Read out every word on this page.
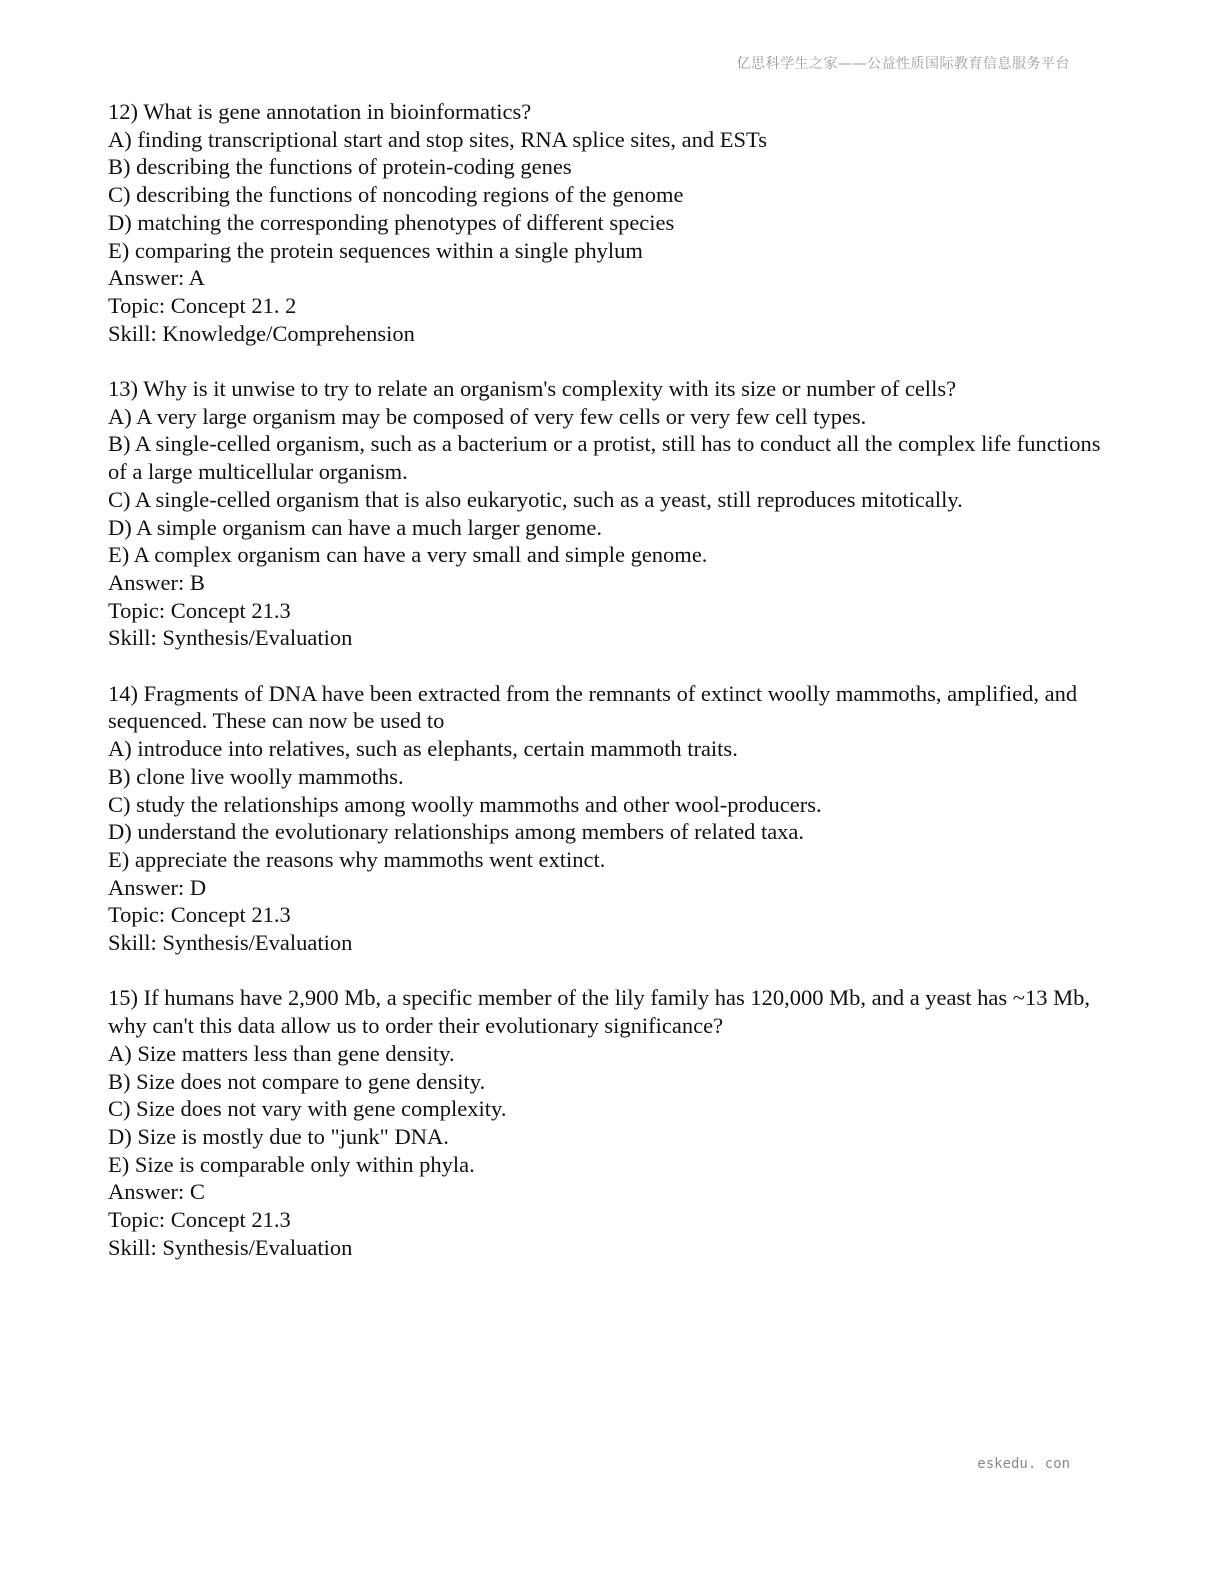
亿思科学生之家——公益性质国际教育信息服务平台
12) What is gene annotation in bioinformatics?
A) finding transcriptional start and stop sites, RNA splice sites, and ESTs
B) describing the functions of protein-coding genes
C) describing the functions of noncoding regions of the genome
D) matching the corresponding phenotypes of different species
E) comparing the protein sequences within a single phylum
Answer: A
Topic: Concept 21. 2
Skill: Knowledge/Comprehension
13) Why is it unwise to try to relate an organism's complexity with its size or number of cells?
A) A very large organism may be composed of very few cells or very few cell types.
B) A single-celled organism, such as a bacterium or a protist, still has to conduct all the complex life functions of a large multicellular organism.
C) A single-celled organism that is also eukaryotic, such as a yeast, still reproduces mitotically.
D) A simple organism can have a much larger genome.
E) A complex organism can have a very small and simple genome.
Answer: B
Topic: Concept 21.3
Skill: Synthesis/Evaluation
14) Fragments of DNA have been extracted from the remnants of extinct woolly mammoths, amplified, and sequenced. These can now be used to
A) introduce into relatives, such as elephants, certain mammoth traits.
B) clone live woolly mammoths.
C) study the relationships among woolly mammoths and other wool-producers.
D) understand the evolutionary relationships among members of related taxa.
E) appreciate the reasons why mammoths went extinct.
Answer: D
Topic: Concept 21.3
Skill: Synthesis/Evaluation
15) If humans have 2,900 Mb, a specific member of the lily family has 120,000 Mb, and a yeast has ~13 Mb, why can't this data allow us to order their evolutionary significance?
A) Size matters less than gene density.
B) Size does not compare to gene density.
C) Size does not vary with gene complexity.
D) Size is mostly due to "junk" DNA.
E) Size is comparable only within phyla.
Answer: C
Topic: Concept 21.3
Skill: Synthesis/Evaluation
eskedu. con
